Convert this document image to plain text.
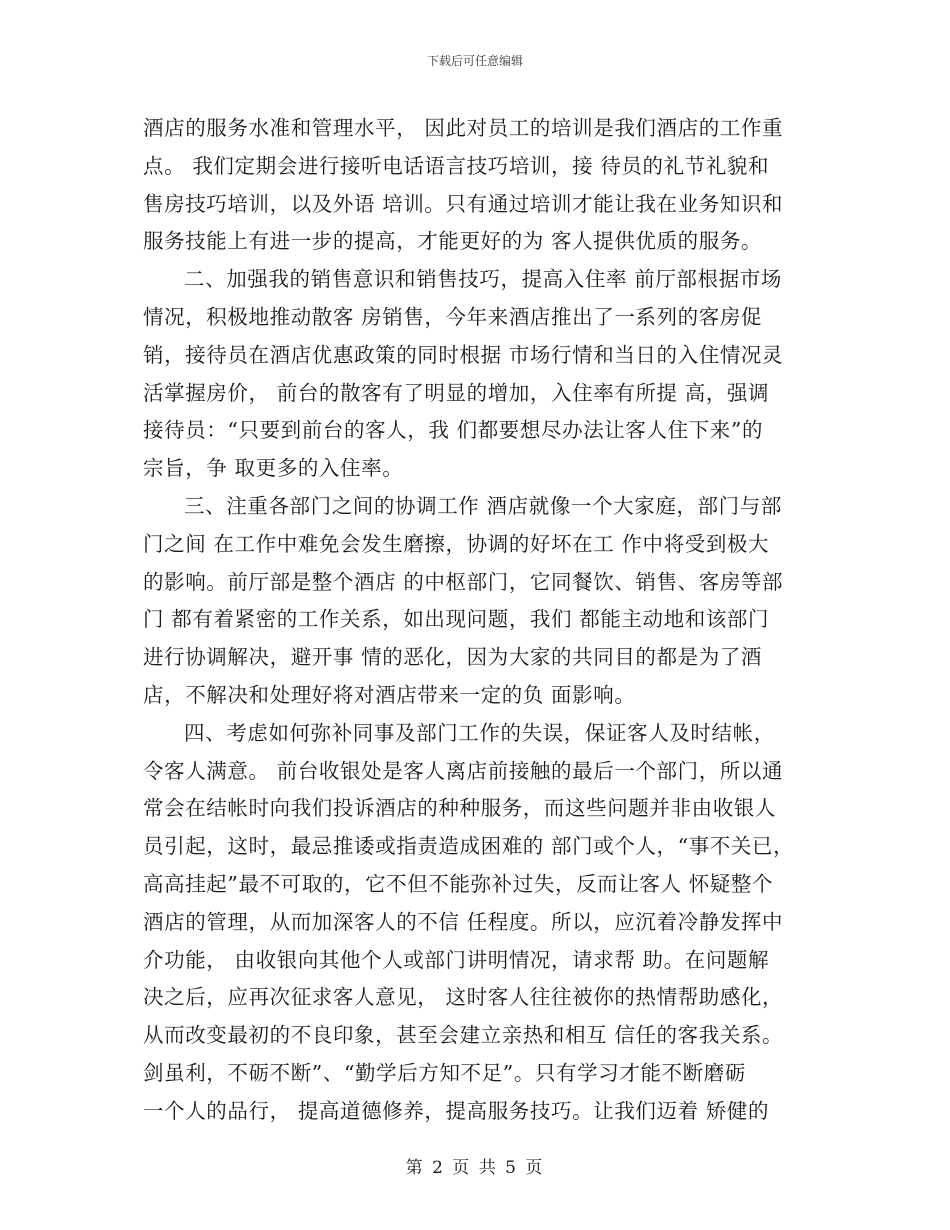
下载后可任意编辑
酒店的服务水准和管理水平， 因此对员工的培训是我们酒店的工作重
点。 我们定期会进行接听电话语言技巧培训，接 待员的礼节礼貌和
售房技巧培训，以及外语 培训。只有通过培训才能让我在业务知识和
服务技能上有进一步的提高，才能更好的为 客人提供优质的服务。
二、加强我的销售意识和销售技巧，提高入住率 前厅部根据市场
情况，积极地推动散客 房销售，今年来酒店推出了一系列的客房促
销，接待员在酒店优惠政策的同时根据 市场行情和当日的入住情况灵
活掌握房价， 前台的散客有了明显的增加，入住率有所提 高，强调
接待员：“只要到前台的客人，我 们都要想尽办法让客人住下来”的
宗旨，争 取更多的入住率。
三、注重各部门之间的协调工作 酒店就像一个大家庭，部门与部
门之间 在工作中难免会发生磨擦，协调的好坏在工 作中将受到极大
的影响。前厅部是整个酒店 的中枢部门，它同餐饮、销售、客房等部
门 都有着紧密的工作关系，如出现问题，我们 都能主动地和该部门
进行协调解决，避开事 情的恶化，因为大家的共同目的都是为了酒
店，不解决和处理好将对酒店带来一定的负 面影响。
四、考虑如何弥补同事及部门工作的失误，保证客人及时结帐，
令客人满意。 前台收银处是客人离店前接触的最后一个部门，所以通
常会在结帐时向我们投诉酒店的种种服务，而这些问题并非由收银人
员引起，这时，最忌推诿或指责造成困难的 部门或个人，“事不关已，
高高挂起”最不可取的，它不但不能弥补过失，反而让客人 怀疑整个
酒店的管理，从而加深客人的不信 任程度。所以，应沉着冷静发挥中
介功能， 由收银向其他个人或部门讲明情况，请求帮 助。在问题解
决之后，应再次征求客人意见， 这时客人往往被你的热情帮助感化，
从而改变最初的不良印象，甚至会建立亲热和相互 信任的客我关系。
剑虽利，不砺不断”、“勤学后方知不足”。只有学习才能不断磨砺
一个人的品行， 提高道德修养，提高服务技巧。让我们迈着 矫健的
第 2 页 共 5 页
